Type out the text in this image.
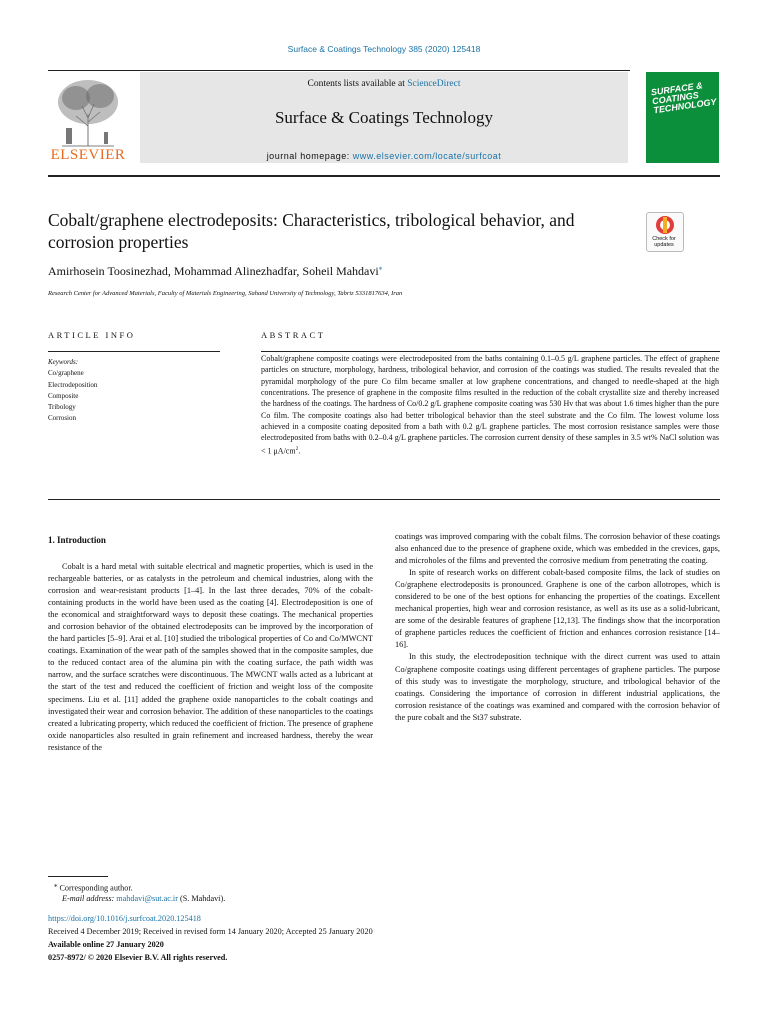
Surface & Coatings Technology 385 (2020) 125418
ELSEVIER
Contents lists available at ScienceDirect
Surface & Coatings Technology
journal homepage: www.elsevier.com/locate/surfcoat
SURFACE & COATINGS TECHNOLOGY
Cobalt/graphene electrodeposits: Characteristics, tribological behavior, and corrosion properties	Check for updates
Amirhosein Toosinezhad, Mohammad Alinezhadfar, Soheil Mahdavi⁎
Research Center for Advanced Materials, Faculty of Materials Engineering, Sahand University of Technology, Tabriz 5331817634, Iran
ARTICLE INFO	ABSTRACT
Keywords:
Co/graphene
Electrodeposition
Composite
Tribology
Corrosion
Cobalt/graphene composite coatings were electrodeposited from the baths containing 0.1–0.5 g/L graphene particles. The effect of graphene particles on structure, morphology, hardness, tribological behavior, and corrosion of the coatings was studied. The results revealed that the pyramidal morphology of the pure Co film became smaller at low graphene concentrations, and changed to needle-shaped at the high concentrations. The presence of graphene in the composite films resulted in the reduction of the cobalt crystallite size and thereby increased the hardness of the coatings. The hardness of Co/0.2 g/L graphene composite coating was 530 Hv that was about 1.6 times higher than the pure Co film. The composite coatings also had better tribological behavior than the steel substrate and the Co film. The lowest volume loss achieved in a composite coating deposited from a bath with 0.2 g/L graphene particles. The most corrosion resistance samples were those electrodeposited from baths with 0.2–0.4 g/L graphene particles. The corrosion current density of these samples in 3.5 wt% NaCl solution was < 1 $\mu A/cm^2$.
1. Introduction

Cobalt is a hard metal with suitable electrical and magnetic properties, which is used in the rechargeable batteries, or as catalysts in the petroleum and chemical industries, along with the corrosion and wear-resistant products [1–4]. In the last three decades, 70% of the cobalt-containing products in the world have been used as the coating [4]. Electrodeposition is one of the economical and straightforward ways to deposit these coatings. The mechanical properties and corrosion behavior of the obtained electrodeposits can be improved by the incorporation of the hard particles [5–9]. Arai et al. [10] studied the tribological properties of Co and Co/MWCNT coatings. Examination of the wear path of the samples showed that in the composite samples, due to the reduced contact area of the alumina pin with the coating surface, the path width was narrow, and the surface scratches were discontinuous. The MWCNT walls acted as a lubricant at the start of the test and reduced the coefficient of friction and weight loss of the composite specimens. Liu et al. [11] added the graphene oxide nanoparticles to the cobalt coatings and investigated their wear and corrosion behavior. The addition of these nanoparticles to the coatings created a lubricating property, which reduced the coefficient of friction. The presence of graphene oxide nanoparticles also resulted in grain refinement and increased hardness, thereby the wear resistance of the

coatings was improved comparing with the cobalt films. The corrosion behavior of these coatings also enhanced due to the presence of graphene oxide, which was embedded in the crevices, gaps, and microholes of the films and prevented the corrosive medium from penetrating the coating.

In spite of research works on different cobalt-based composite films, the lack of studies on Co/graphene electrodeposits is pronounced. Graphene is one of the carbon allotropes, which is considered to be one of the best options for enhancing the properties of the coatings. Excellent mechanical properties, high wear and corrosion resistance, as well as its use as a solid-lubricant, are some of the desirable features of graphene [12,13]. The findings show that the incorporation of graphene particles reduces the coefficient of friction and enhances corrosion resistance [14–16].

In this study, the electrodeposition technique with the direct current was used to attain Co/graphene composite coatings using different percentages of graphene particles. The purpose of this study was to investigate the morphology, structure, and tribological behavior of the coatings. Considering the importance of corrosion in different industrial applications, the corrosion resistance of the coatings was examined and compared with the corrosion behavior of the pure cobalt and the St37 substrate.

⁎ Corresponding author.
E-mail address: mahdavi@sut.ac.ir (S. Mahdavi).
https://doi.org/10.1016/j.surfcoat.2020.125418
Received 4 December 2019; Received in revised form 14 January 2020; Accepted 25 January 2020
Available online 27 January 2020
0257-8972/ © 2020 Elsevier B.V. All rights reserved.
